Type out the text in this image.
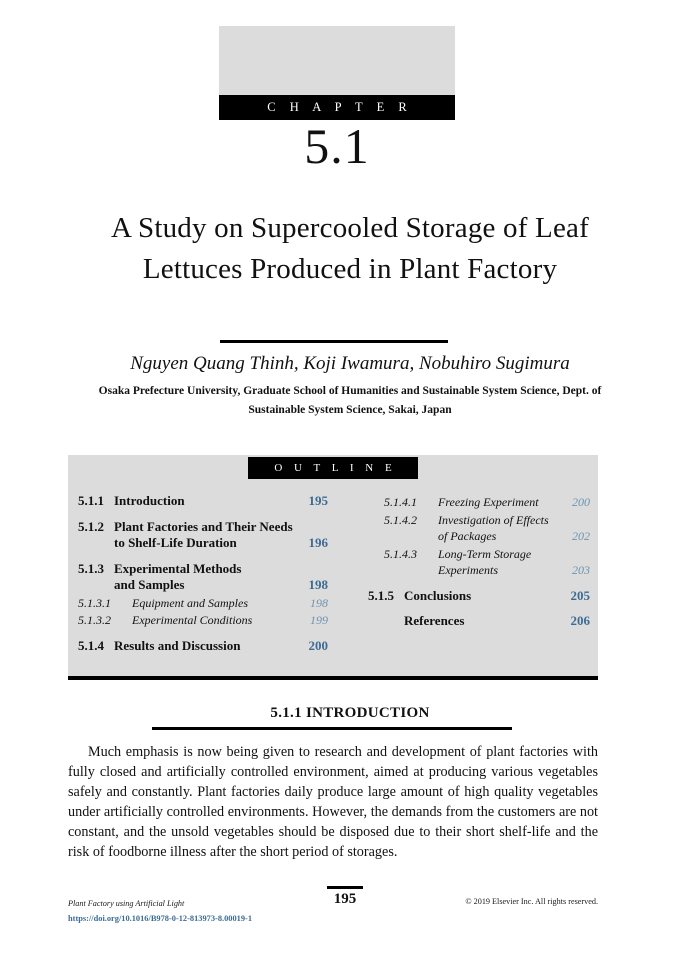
C H A P T E R
5.1
A Study on Supercooled Storage of Leaf Lettuces Produced in Plant Factory
Nguyen Quang Thinh, Koji Iwamura, Nobuhiro Sugimura
Osaka Prefecture University, Graduate School of Humanities and Sustainable System Science, Dept. of Sustainable System Science, Sakai, Japan
O U T L I N E
5.1.1 Introduction	195
5.1.2 Plant Factories and Their Needs
to Shelf-Life Duration	196
5.1.3 Experimental Methods
and Samples	198
5.1.3.1	Equipment and Samples	198
5.1.3.2	Experimental Conditions	199
5.1.4 Results and Discussion	200
5.1.4.1	Freezing Experiment	200
5.1.4.2	Investigation of Effects
of Packages	202
5.1.4.3	Long-Term Storage
Experiments	203
5.1.5 Conclusions	205
References	206
5.1.1 INTRODUCTION

Much emphasis is now being given to research and development of plant factories with fully closed and artificially controlled environment, aimed at producing various vegetables safely and constantly. Plant factories daily produce large amount of high quality vegetables under artificially controlled environments. However, the demands from the customers are not constant, and the unsold vegetables should be disposed due to their short shelf-life and the risk of foodborne illness after the short period of storages.

195
Plant Factory using Artificial Light
https://doi.org/10.1016/B978-0-12-813973-8.00019-1
© 2019 Elsevier Inc. All rights reserved.
